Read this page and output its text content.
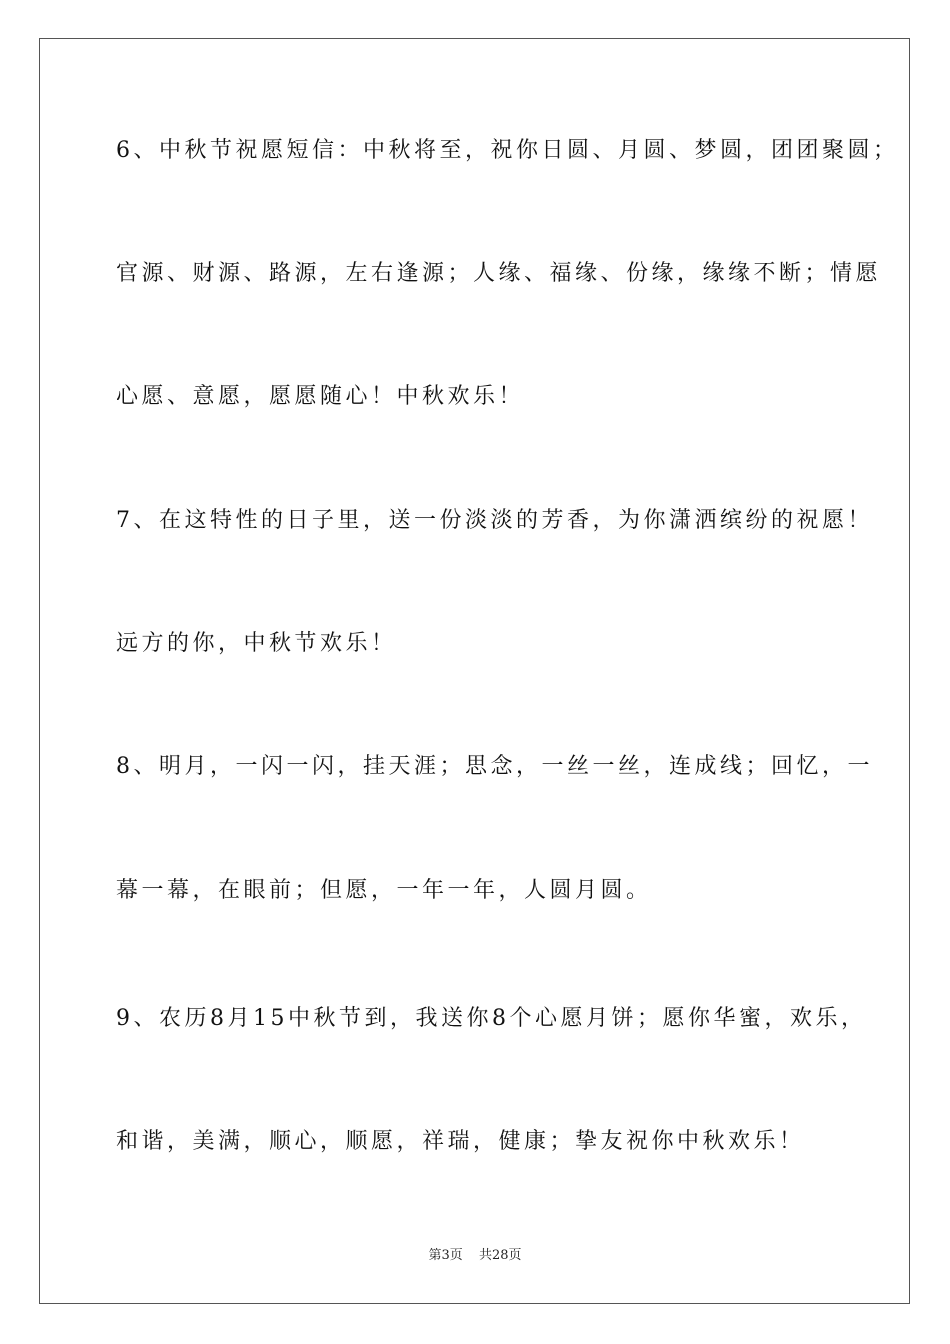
6、中秋节祝愿短信：中秋将至，祝你日圆、月圆、梦圆，团团聚圆；
官源、财源、路源，左右逢源；人缘、福缘、份缘，缘缘不断；情愿
心愿、意愿，愿愿随心！中秋欢乐！
7、在这特性的日子里，送一份淡淡的芳香，为你潇洒缤纷的祝愿！
远方的你，中秋节欢乐！
8、明月，一闪一闪，挂天涯；思念，一丝一丝，连成线；回忆，一
幕一幕，在眼前；但愿，一年一年，人圆月圆。
9、农历8月15中秋节到，我送你8个心愿月饼；愿你华蜜，欢乐，
和谐，美满，顺心，顺愿，祥瑞，健康；挚友祝你中秋欢乐！
第3页 共28页
